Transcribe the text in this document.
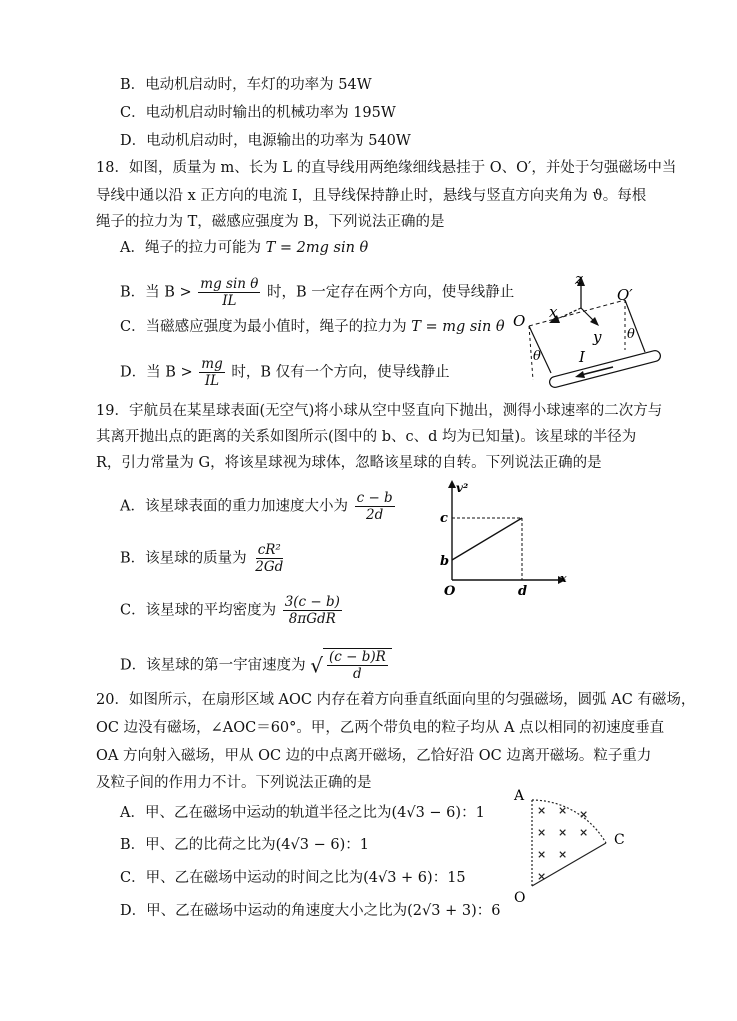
B．电动机启动时，车灯的功率为 54W
C．电动机启动时输出的机械功率为 195W
D．电动机启动时，电源输出的功率为 540W
18．如图，质量为 m、长为 L 的直导线用两绝缘细线悬挂于 O、O′，并处于匀强磁场中当
导线中通以沿 x 正方向的电流 I，且导线保持静止时，悬线与竖直方向夹角为 ϑ。每根
绳子的拉力为 T，磁感应强度为 B，下列说法正确的是
A．绳子的拉力可能为 T = 2mg sin θ
B．当 $B > \frac{\text{mg sin θ}}{IL}$ 时，B 一定存在两个方向，使导线静止
C．当磁感应强度为最小值时，绳子的拉力为 T = mg sin θ
D．当 $B > \frac{mg}{IL}$ 时，B 仅有一个方向，使导线静止
z
x
y
O
O′
θ
θ
I
19．宇航员在某星球表面(无空气)将小球从空中竖直向下抛出，测得小球速率的二次方与
其离开抛出点的距离的关系如图所示(图中的 b、c、d 均为已知量)。该星球的半径为
R，引力常量为 G，将该星球视为球体，忽略该星球的自转。下列说法正确的是
A．该星球表面的重力加速度大小为 $\frac{c - b}{2d}$
B．该星球的质量为 $\frac{\text{cR²}}{2Gd}$
C．该星球的平均密度为 $\frac{3(c - b)}{\text{8πGdR}}$
D．该星球的第一宇宙速度为 √ $\frac{(c - b)R}{d}$
v²
x
c
b
O	d
20．如图所示，在扇形区域 AOC 内存在着方向垂直纸面向里的匀强磁场，圆弧 AC 有磁场，
OC 边没有磁场，∠AOC＝60°。甲，乙两个带负电的粒子均从 A 点以相同的初速度垂直
OA 方向射入磁场，甲从 OC 边的中点离开磁场，乙恰好沿 OC 边离开磁场。粒子重力
及粒子间的作用力不计。下列说法正确的是
A．甲、乙在磁场中运动的轨道半径之比为(4√3 − 6)：1
B．甲、乙的比荷之比为(4√3 − 6)：1
C．甲、乙在磁场中运动的时间之比为(4√3 + 6)：15
D．甲、乙在磁场中运动的角速度大小之比为(2√3 + 3)：6
A
C
O
× × ×
× × ×
× ×
×
